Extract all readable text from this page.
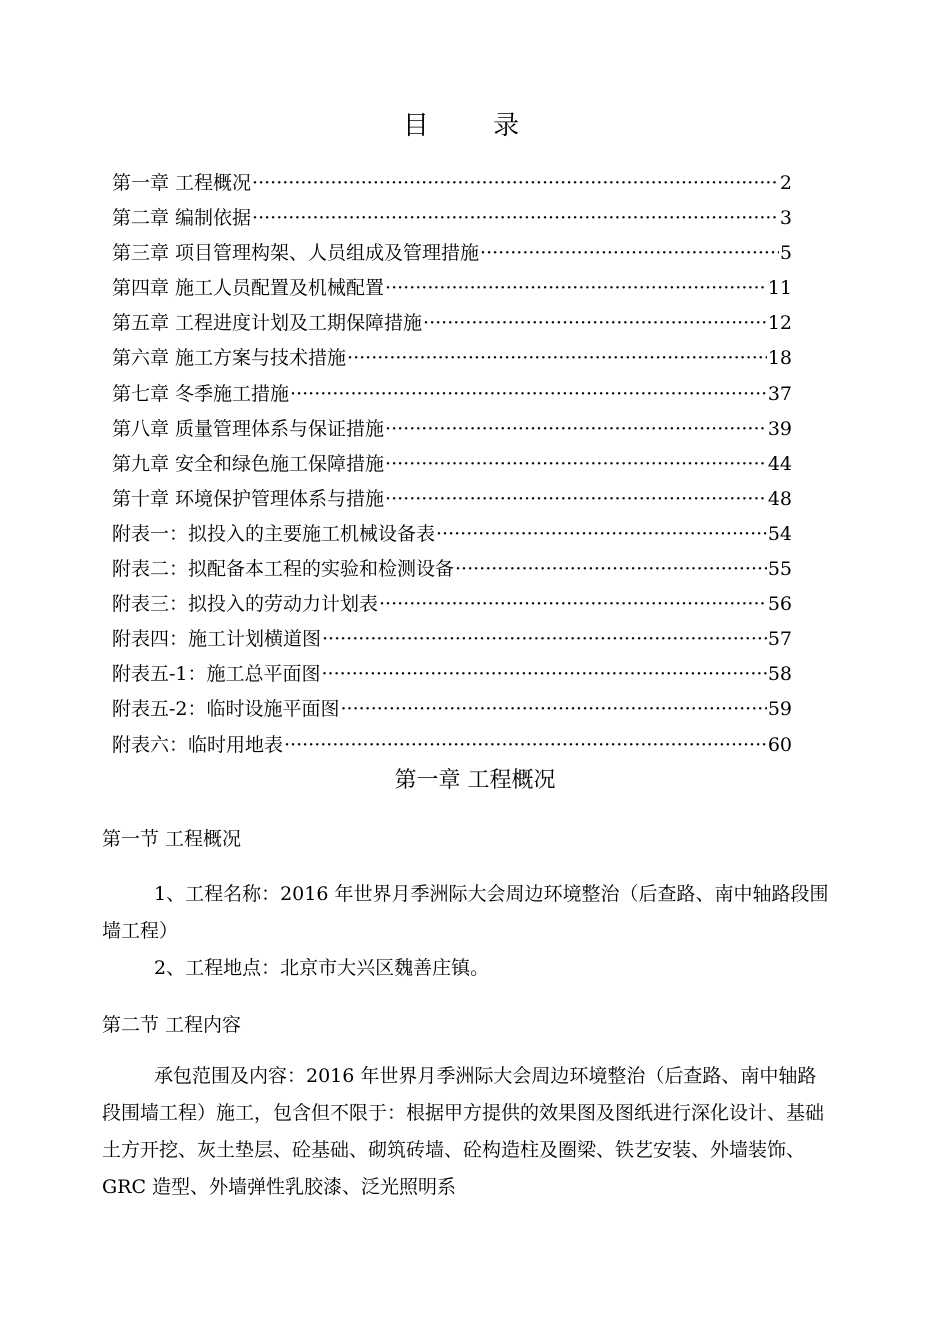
目 录
第一章 工程概况 ·····	2
第二章 编制依据 ·····	3
第三章 项目管理构架、人员组成及管理措施 ·····	5
第四章 施工人员配置及机械配置 ·····	11
第五章 工程进度计划及工期保障措施 ·····	12
第六章 施工方案与技术措施 ·····	18
第七章 冬季施工措施 ·····	37
第八章 质量管理体系与保证措施 ·····	39
第九章 安全和绿色施工保障措施 ·····	44
第十章 环境保护管理体系与措施 ·····	48
附表一：拟投入的主要施工机械设备表 ·····	54
附表二：拟配备本工程的实验和检测设备 ·····	55
附表三：拟投入的劳动力计划表 ·····	56
附表四：施工计划横道图 ·····	57
附表五-1：施工总平面图 ·····	58
附表五-2：临时设施平面图 ·····	59
附表六：临时用地表 ·····	60
第一章 工程概况
第一节 工程概况
1、工程名称：2016 年世界月季洲际大会周边环境整治（后查路、南中轴路段围墙工程）
2、工程地点：北京市大兴区魏善庄镇。
第二节 工程内容
承包范围及内容：2016 年世界月季洲际大会周边环境整治（后查路、南中轴路段围墙工程）施工，包含但不限于：根据甲方提供的效果图及图纸进行深化设计、基础土方开挖、灰土垫层、砼基础、砌筑砖墙、砼构造柱及圈梁、铁艺安装、外墙装饰、GRC 造型、外墙弹性乳胶漆、泛光照明系
